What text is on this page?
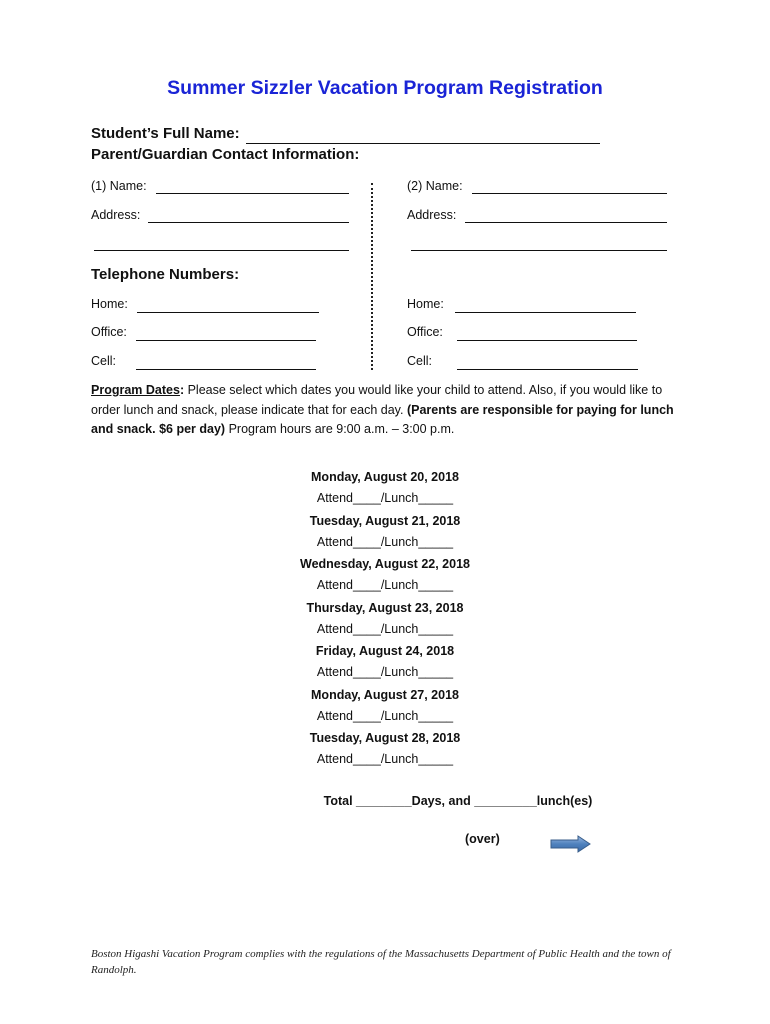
Summer Sizzler Vacation Program Registration
Student’s Full Name:
Parent/Guardian Contact Information:
(1) Name:
Address:
Telephone Numbers:
Home:
Office:
Cell:
(2) Name:
Address:
Home:
Office:
Cell:
Program Dates: Please select which dates you would like your child to attend. Also, if you would like to order lunch and snack, please indicate that for each day. (Parents are responsible for paying for lunch and snack. $6 per day) Program hours are 9:00 a.m. – 3:00 p.m.
Monday, August 20, 2018
Attend____/Lunch_____
Tuesday, August 21, 2018
Attend____/Lunch_____
Wednesday, August 22, 2018
Attend____/Lunch_____
Thursday, August 23, 2018
Attend____/Lunch_____
Friday, August 24, 2018
Attend____/Lunch_____
Monday, August 27, 2018
Attend____/Lunch_____
Tuesday, August 28, 2018
Attend____/Lunch_____
Total ________Days, and _________lunch(es)
(over)
Boston Higashi Vacation Program complies with the regulations of the Massachusetts Department of Public Health and the town of Randolph.
